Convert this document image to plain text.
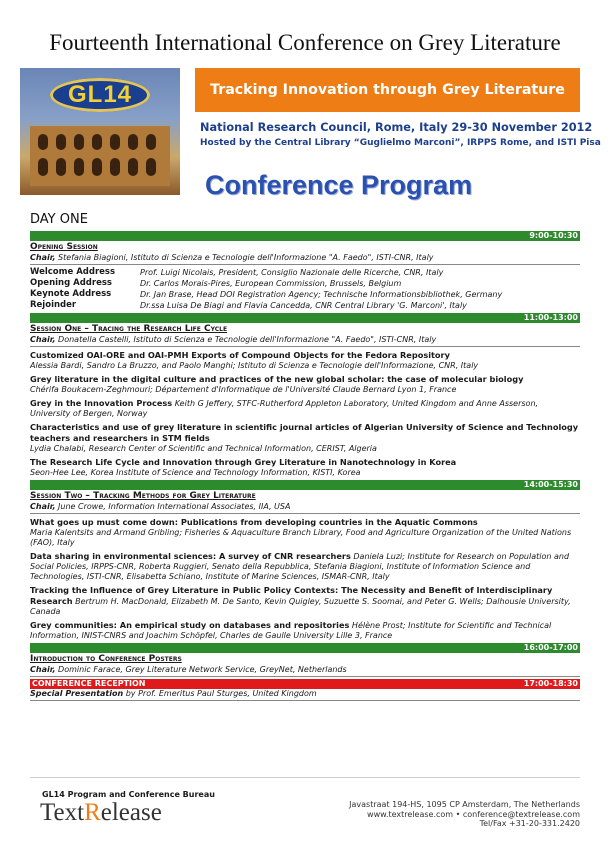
Fourteenth International Conference on Grey Literature
GL14	Tracking Innovation through Grey Literature
National Research Council, Rome, Italy 29-30 November 2012
Hosted by the Central Library “Guglielmo Marconi”, IRPPS Rome, and ISTI Pisa
Conference Program
DAY ONE
9:00-10:30
Opening Session
Chair, Stefania Biagioni, Istituto di Scienza e Tecnologie dell'Informazione "A. Faedo", ISTI-CNR, Italy
Welcome Address	Prof. Luigi Nicolais, President, Consiglio Nazionale delle Ricerche, CNR, Italy
Opening Address	Dr. Carlos Morais-Pires, European Commission, Brussels, Belgium
Keynote Address	Dr. Jan Brase, Head DOI Registration Agency; Technische Informationsbibliothek, Germany
Rejoinder	Dr.ssa Luisa De Biagi and Flavia Cancedda, CNR Central Library 'G. Marconi', Italy
11:00-13:00
Session One – Tracing the Research Life Cycle
Chair, Donatella Castelli, Istituto di Scienza e Tecnologie dell'Informazione "A. Faedo", ISTI-CNR, Italy
Customized OAI-ORE and OAI-PMH Exports of Compound Objects for the Fedora Repository
Alessia Bardi, Sandro La Bruzzo, and Paolo Manghi; Istituto di Scienza e Tecnologie dell'Informazione, CNR, Italy
Grey literature in the digital culture and practices of the new global scholar: the case of molecular biology
Chérifa Boukacem-Zeghmouri; Département d'Informatique de l'Université Claude Bernard Lyon 1, France
Grey in the Innovation Process Keith G Jeffery, STFC-Rutherford Appleton Laboratory, United Kingdom and Anne Asserson, University of Bergen, Norway
Characteristics and use of grey literature in scientific journal articles of Algerian University of Science and Technology teachers and researchers in STM fields
Lydia Chalabi, Research Center of Scientific and Technical Information, CERIST, Algeria
The Research Life Cycle and Innovation through Grey Literature in Nanotechnology in Korea
Seon-Hee Lee, Korea Institute of Science and Technology Information, KISTI, Korea
14:00-15:30
Session Two – Tracking Methods for Grey Literature
Chair, June Crowe, Information International Associates, IIA, USA
What goes up must come down: Publications from developing countries in the Aquatic Commons
Maria Kalentsits and Armand Gribling; Fisheries & Aquaculture Branch Library, Food and Agriculture Organization of the United Nations (FAO), Italy
Data sharing in environmental sciences: A survey of CNR researchers Daniela Luzi; Institute for Research on Population and Social Policies, IRPPS-CNR, Roberta Ruggieri, Senato della Repubblica, Stefania Biagioni, Institute of Information Science and Technologies, ISTI-CNR, Elisabetta Schiano, Institute of Marine Sciences, ISMAR-CNR, Italy
Tracking the Influence of Grey Literature in Public Policy Contexts: The Necessity and Benefit of Interdisciplinary Research Bertrum H. MacDonald, Elizabeth M. De Santo, Kevin Quigley, Suzuette S. Soomai, and Peter G. Wells; Dalhousie University, Canada
Grey communities: An empirical study on databases and repositories Hélène Prost; Institute for Scientific and Technical Information, INIST-CNRS and Joachim Schöpfel, Charles de Gaulle University Lille 3, France
16:00-17:00
Introduction to Conference Posters
Chair, Dominic Farace, Grey Literature Network Service, GreyNet, Netherlands
CONFERENCE RECEPTION	17:00-18:30
Special Presentation by Prof. Emeritus Paul Sturges, United Kingdom
GL14 Program and Conference Bureau
TextRelease	Javastraat 194-HS, 1095 CP Amsterdam, The Netherlands
www.textrelease.com • conference@textrelease.com
Tel/Fax +31-20-331.2420
